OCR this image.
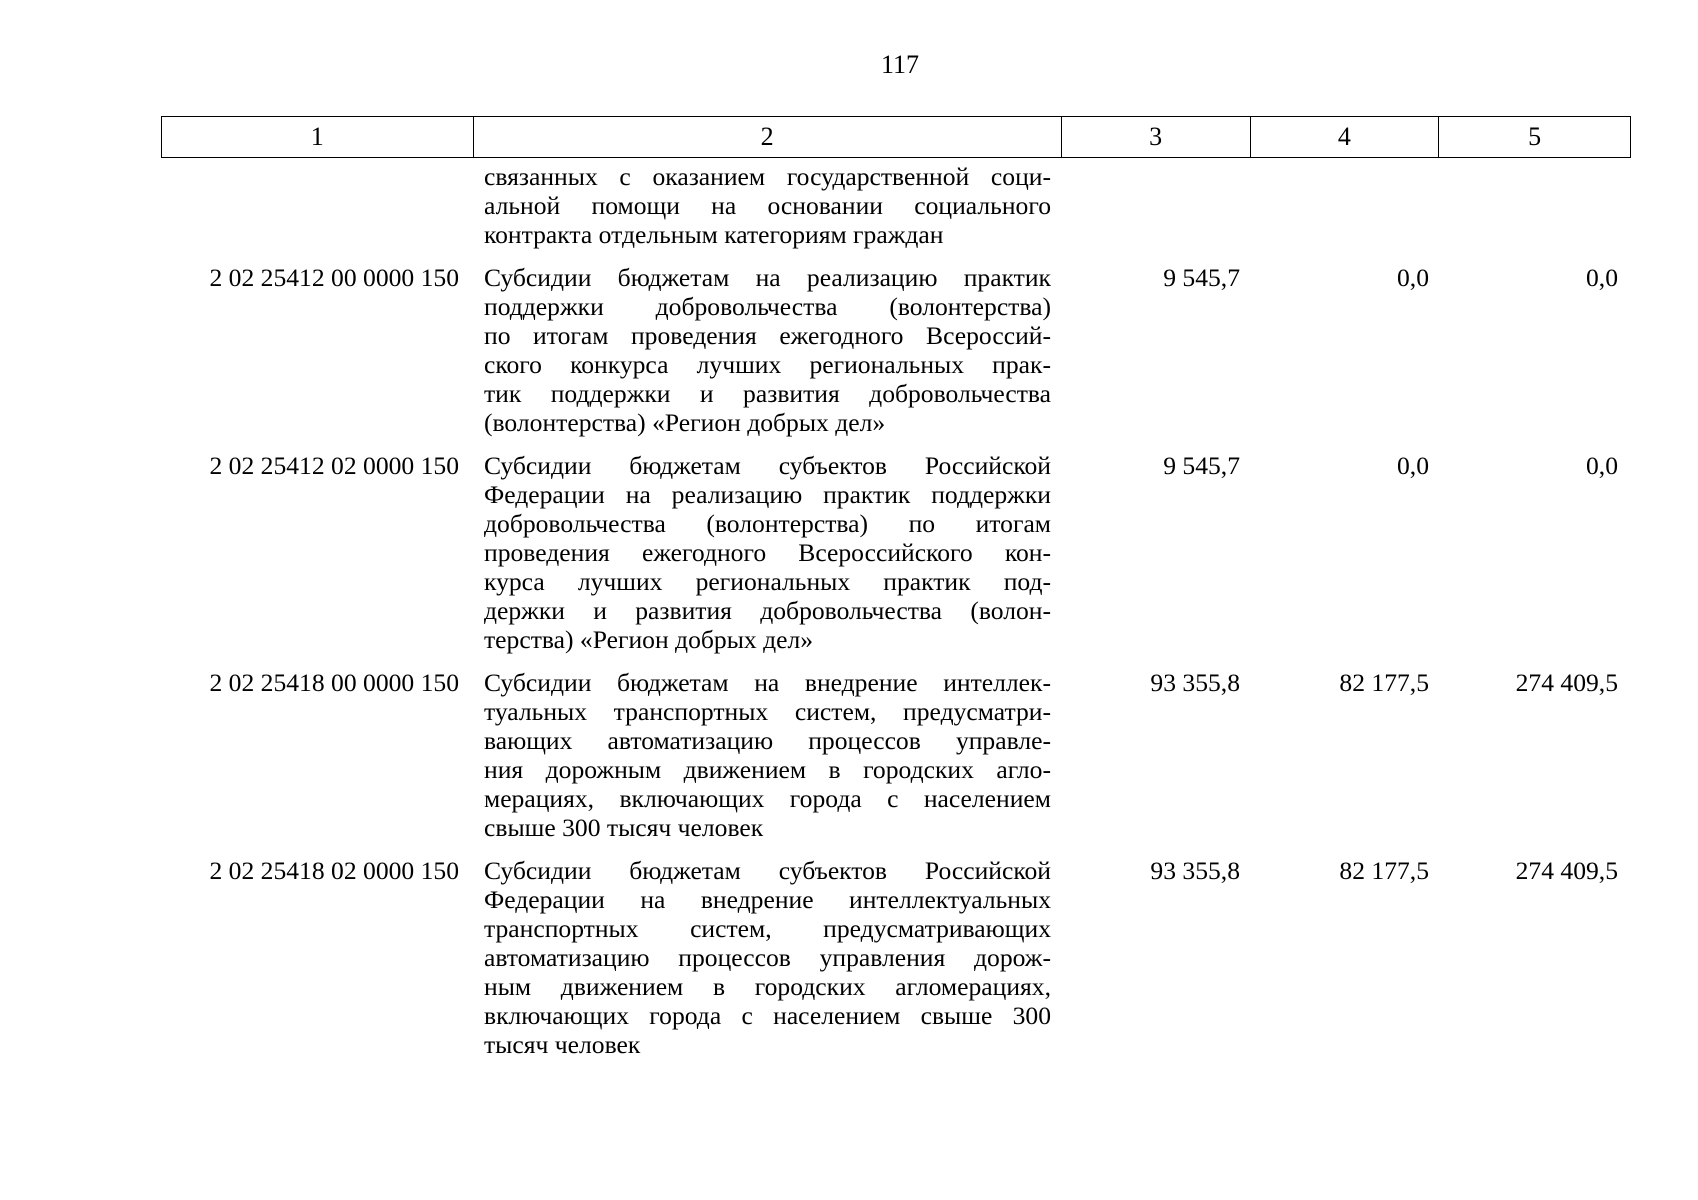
117
1	2	3	4	5
связанных с оказанием государственной соци-
альной помощи на основании социального
контракта отдельным категориям граждан
2 02 25412 00 0000 150 Субсидии бюджетам на реализацию практик
поддержки добровольчества (волонтерства)
по итогам проведения ежегодного Всероссий-
ского конкурса лучших региональных прак-
тик поддержки и развития добровольчества
(волонтерства) «Регион добрых дел»
9 545,7	0,0	0,0
2 02 25412 02 0000 150 Субсидии бюджетам субъектов Российской
Федерации на реализацию практик поддержки
добровольчества (волонтерства) по итогам
проведения ежегодного Всероссийского кон-
курса лучших региональных практик под-
держки и развития добровольчества (волон-
терства) «Регион добрых дел»
9 545,7	0,0	0,0
2 02 25418 00 0000 150 Субсидии бюджетам на внедрение интеллек-
туальных транспортных систем, предусматри-
вающих автоматизацию процессов управле-
ния дорожным движением в городских агло-
мерациях, включающих города с населением
свыше 300 тысяч человек
93 355,8	82 177,5	274 409,5
2 02 25418 02 0000 150 Субсидии бюджетам субъектов Российской
Федерации на внедрение интеллектуальных
транспортных систем, предусматривающих
автоматизацию процессов управления дорож-
ным движением в городских агломерациях,
включающих города с населением свыше 300
тысяч человек
93 355,8	82 177,5	274 409,5
